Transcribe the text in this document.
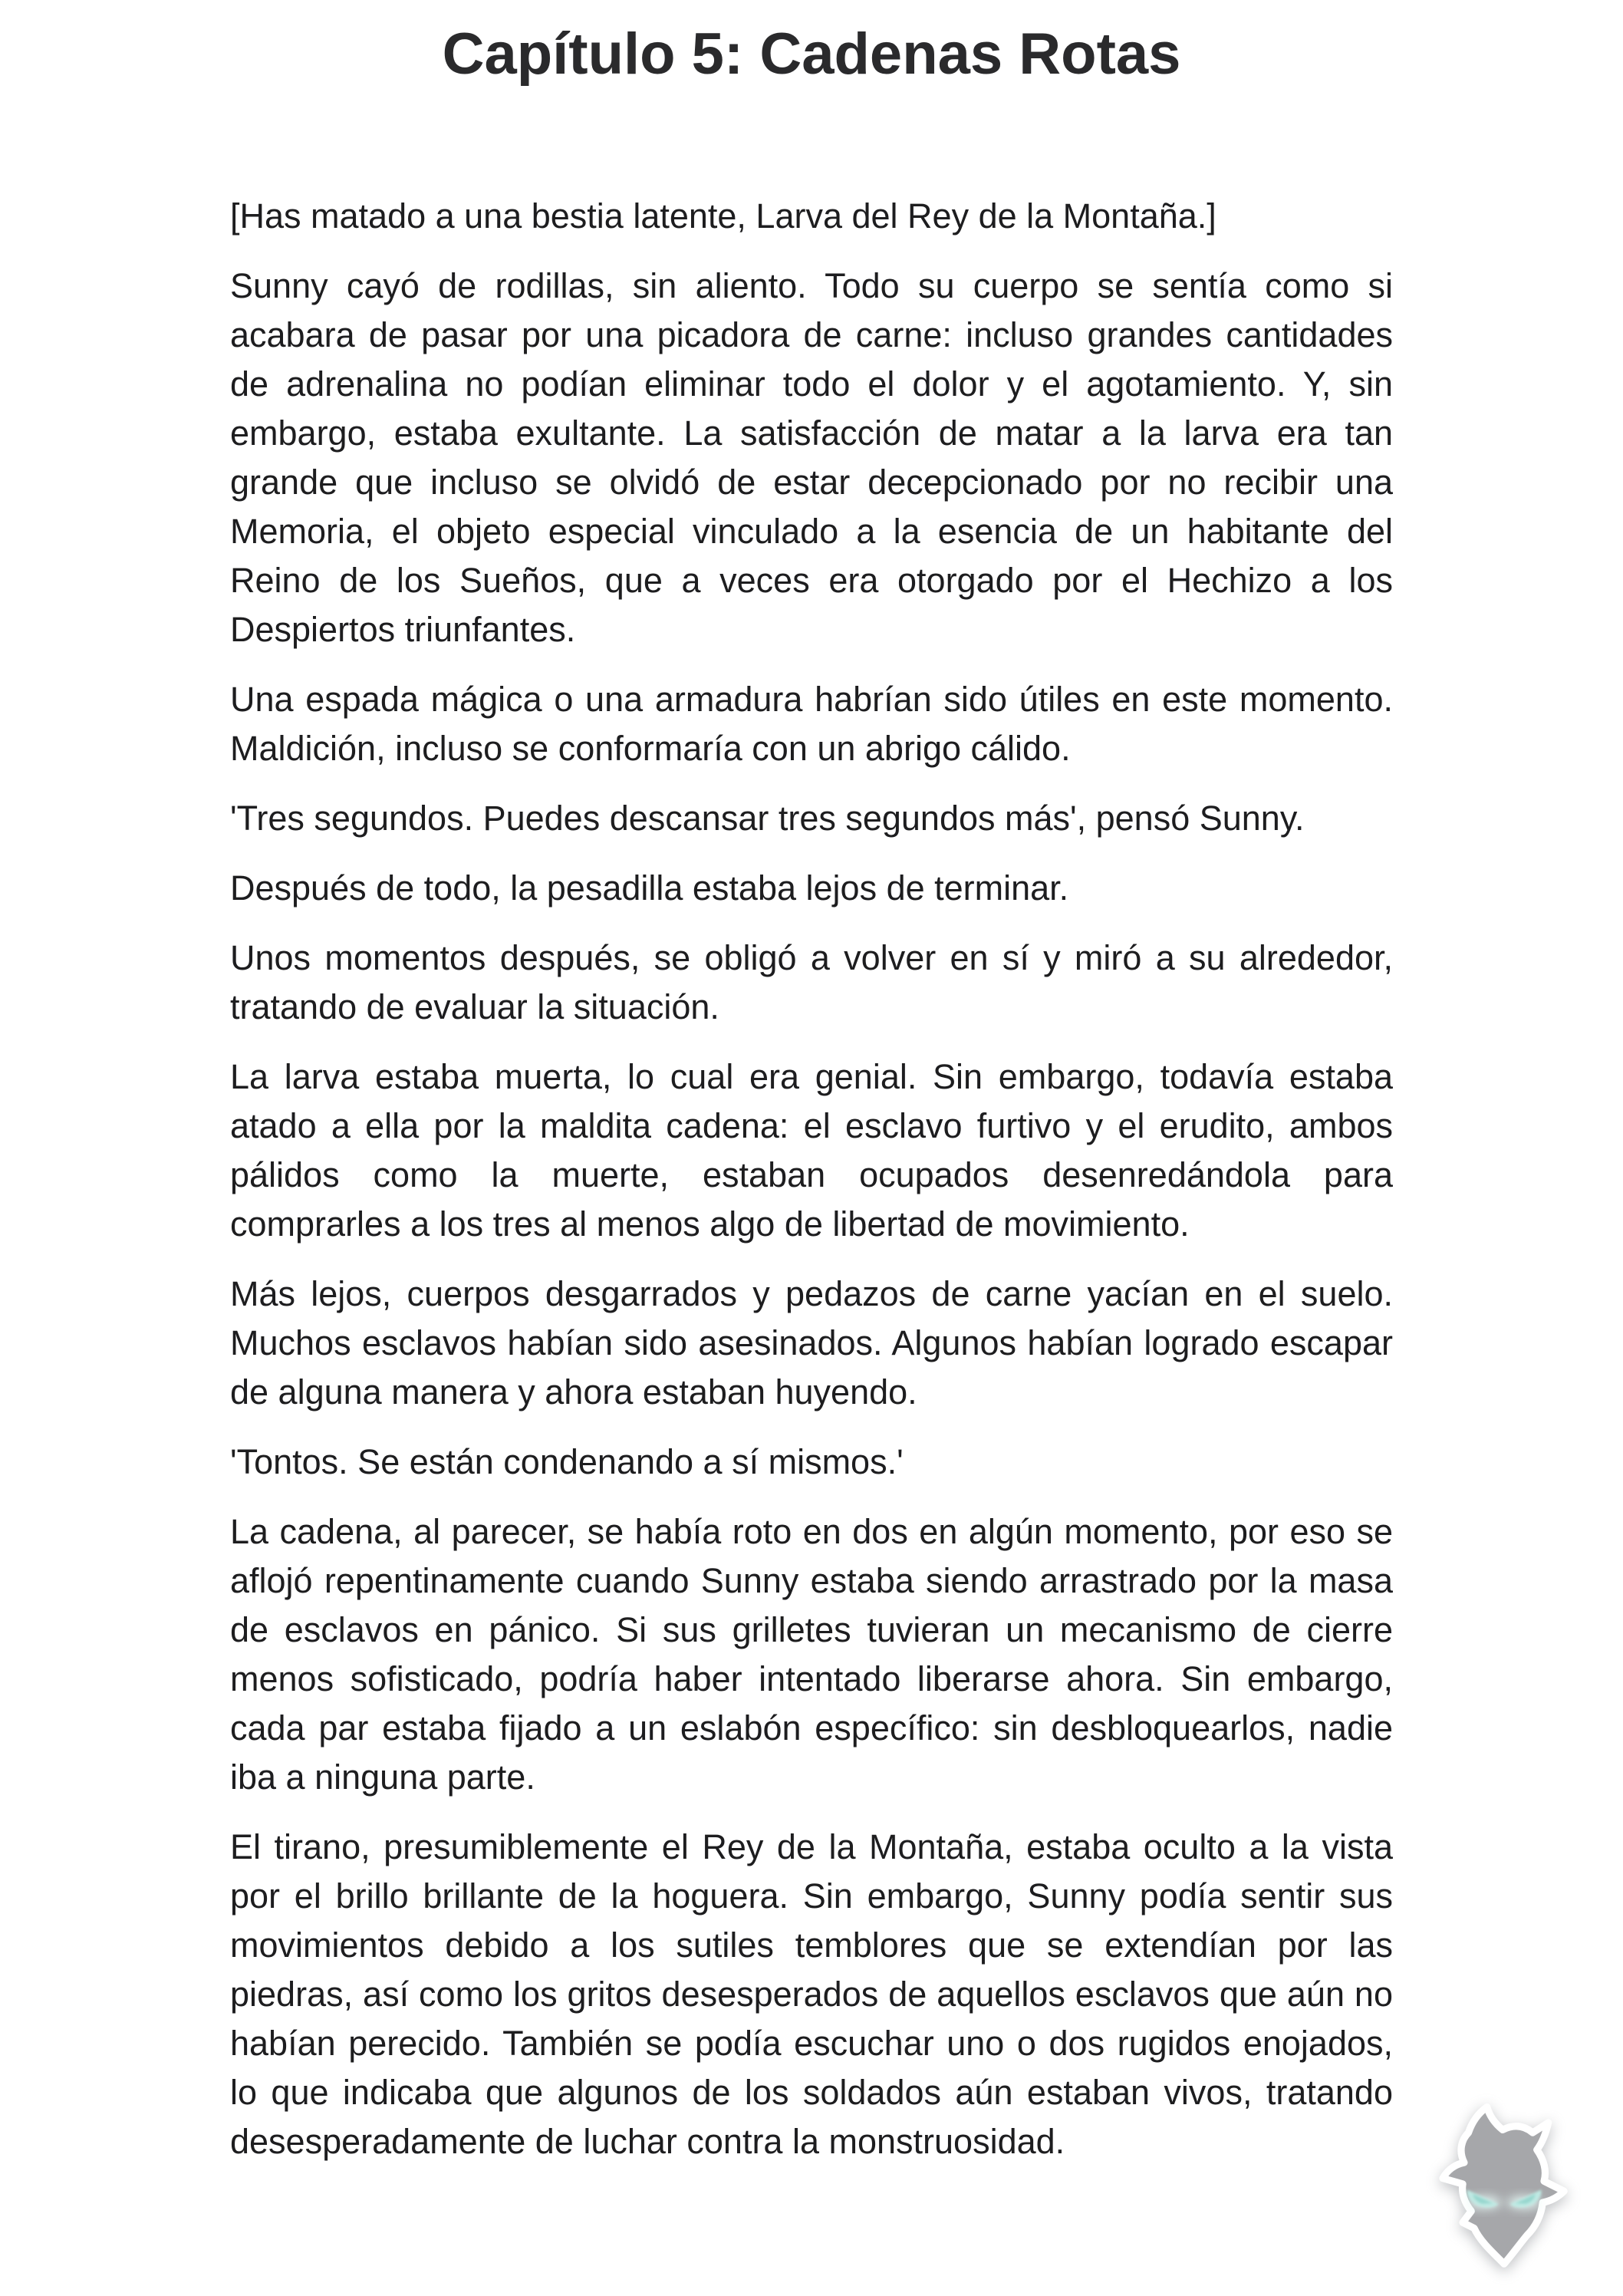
Capítulo 5: Cadenas Rotas

[Has matado a una bestia latente, Larva del Rey de la Montaña.]

Sunny cayó de rodillas, sin aliento. Todo su cuerpo se sentía como si acabara de pasar por una picadora de carne: incluso grandes cantidades de adrenalina no podían eliminar todo el dolor y el agotamiento. Y, sin embargo, estaba exultante. La satisfacción de matar a la larva era tan grande que incluso se olvidó de estar decepcionado por no recibir una Memoria, el objeto especial vinculado a la esencia de un habitante del Reino de los Sueños, que a veces era otorgado por el Hechizo a los Despiertos triunfantes.

Una espada mágica o una armadura habrían sido útiles en este momento. Maldición, incluso se conformaría con un abrigo cálido.

'Tres segundos. Puedes descansar tres segundos más', pensó Sunny.

Después de todo, la pesadilla estaba lejos de terminar.

Unos momentos después, se obligó a volver en sí y miró a su alrededor, tratando de evaluar la situación.

La larva estaba muerta, lo cual era genial. Sin embargo, todavía estaba atado a ella por la maldita cadena: el esclavo furtivo y el erudito, ambos pálidos como la muerte, estaban ocupados desenredándola para comprarles a los tres al menos algo de libertad de movimiento.

Más lejos, cuerpos desgarrados y pedazos de carne yacían en el suelo. Muchos esclavos habían sido asesinados. Algunos habían logrado escapar de alguna manera y ahora estaban huyendo.

'Tontos. Se están condenando a sí mismos.'

La cadena, al parecer, se había roto en dos en algún momento, por eso se aflojó repentinamente cuando Sunny estaba siendo arrastrado por la masa de esclavos en pánico. Si sus grilletes tuvieran un mecanismo de cierre menos sofisticado, podría haber intentado liberarse ahora. Sin embargo, cada par estaba fijado a un eslabón específico: sin desbloquearlos, nadie iba a ninguna parte.

El tirano, presumiblemente el Rey de la Montaña, estaba oculto a la vista por el brillo brillante de la hoguera. Sin embargo, Sunny podía sentir sus movimientos debido a los sutiles temblores que se extendían por las piedras, así como los gritos desesperados de aquellos esclavos que aún no habían perecido. También se podía escuchar uno o dos rugidos enojados, lo que indicaba que algunos de los soldados aún estaban vivos, tratando desesperadamente de luchar contra la monstruosidad.
